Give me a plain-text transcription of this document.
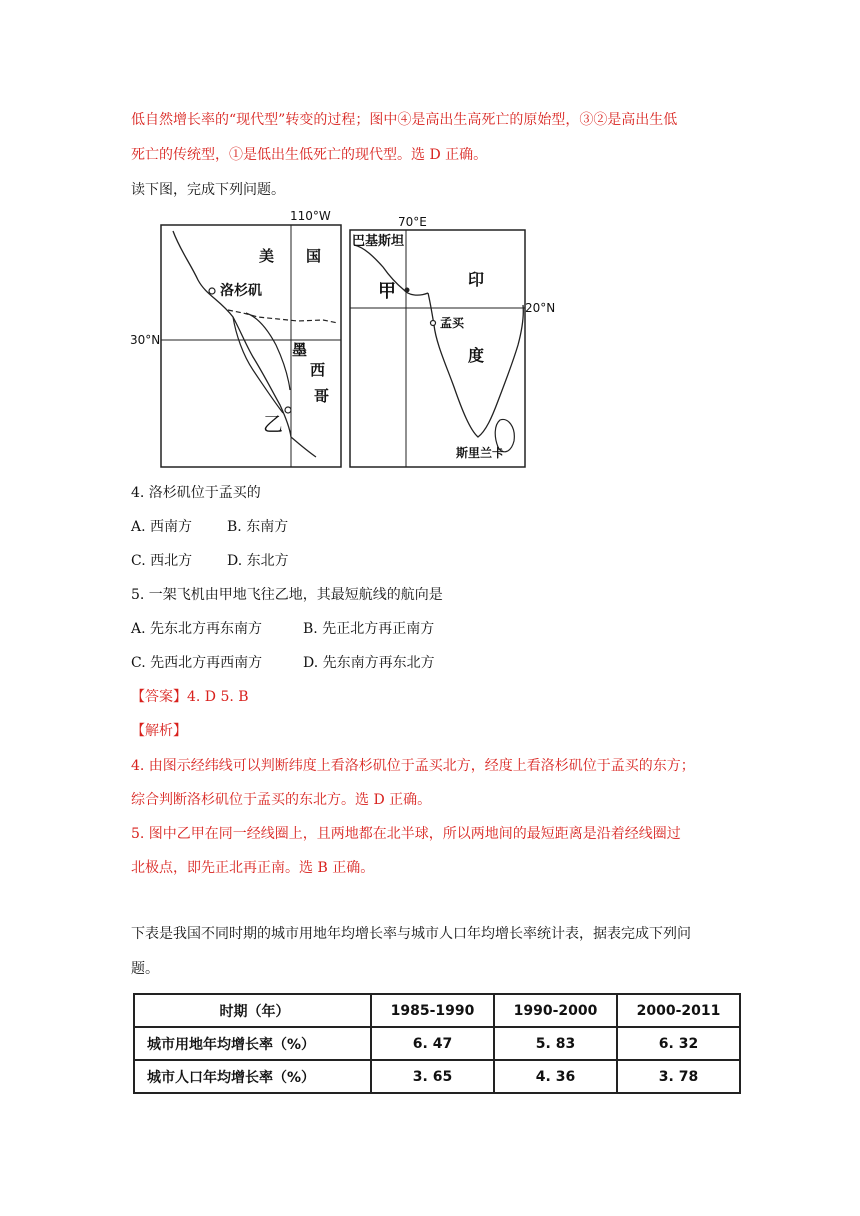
低自然增长率的“现代型”转变的过程；图中④是高出生高死亡的原始型，③②是高出生低
死亡的传统型，①是低出生低死亡的现代型。选 D 正确。
读下图，完成下列问题。
110°W
30°N
美 国
洛杉矶
墨
西
哥
乙
70°E
20°N
巴基斯坦
印
度
孟买
甲
斯里兰卡
4. 洛杉矶位于孟买的
A. 西南方 B. 东南方
C. 西北方 D. 东北方
5. 一架飞机由甲地飞往乙地，其最短航线的航向是
A. 先东北方再东南方	B. 先正北方再正南方
C. 先西北方再西南方	D. 先东南方再东北方
【答案】4. D 5. B
【解析】
4. 由图示经纬线可以判断纬度上看洛杉矶位于孟买北方，经度上看洛杉矶位于孟买的东方；
综合判断洛杉矶位于孟买的东北方。选 D 正确。
5. 图中乙甲在同一经线圈上，且两地都在北半球，所以两地间的最短距离是沿着经线圈过
北极点，即先正北再正南。选 B 正确。
下表是我国不同时期的城市用地年均增长率与城市人口年均增长率统计表，据表完成下列问
题。
时期（年）	1985-1990	1990-2000	2000-2011
城市用地年均增长率（%）	6. 47	5. 83	6. 32
城市人口年均增长率（%）	3. 65	4. 36	3. 78
